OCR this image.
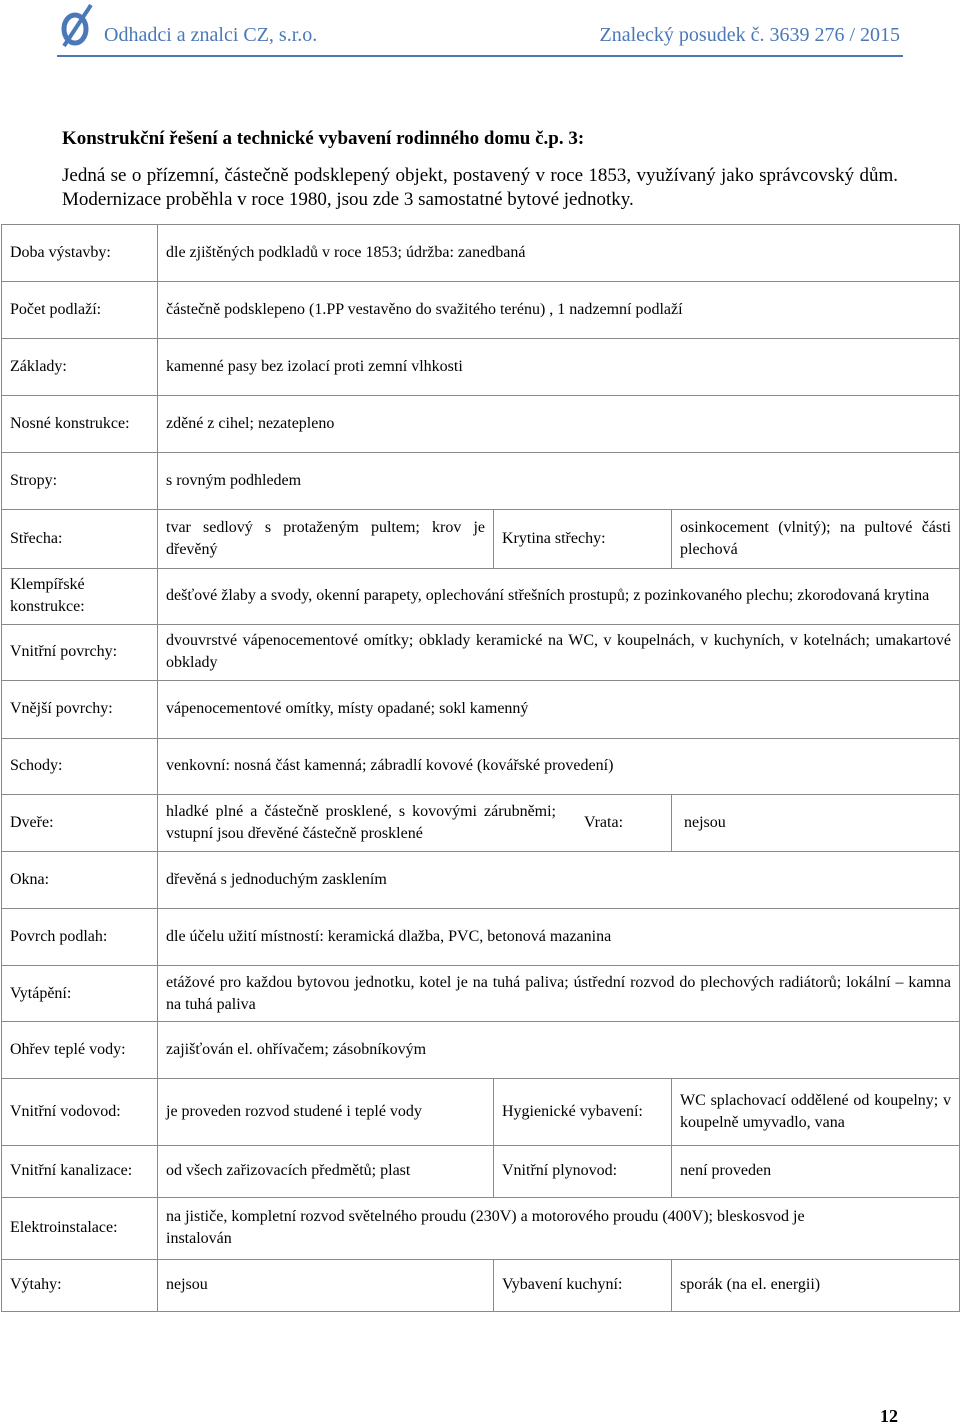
Odhadci a znalci CZ, s.r.o.	Znalecký posudek č. 3639 276 / 2015
Konstrukční řešení a technické vybavení rodinného domu č.p. 3:
Jedná se o přízemní, částečně podsklepený objekt, postavený v roce 1853, využívaný jako správcovský dům. Modernizace proběhla v roce 1980, jsou zde 3 samostatné bytové jednotky.
Doba výstavby:	dle zjištěných podkladů v roce 1853; údržba: zanedbaná		
Počet podlaží:	částečně podsklepeno (1.PP vestavěno do svažitého terénu) , 1 nadzemní podlaží		
Základy:	kamenné pasy bez izolací proti zemní vlhkosti		
Nosné konstrukce:	zděné z cihel; nezatepleno		
Stropy:	s rovným podhledem		
Střecha:	tvar sedlový s protaženým pultem; krov je dřevěný	Krytina střechy:	osinkocement (vlnitý); na pultové části plechová
Klempířské konstrukce:	dešťové žlaby a svody, okenní parapety, oplechování střešních prostupů; z pozinkovaného plechu; zkorodovaná krytina		
Vnitřní povrchy:	dvouvrstvé vápenocementové omítky; obklady keramické na WC, v koupelnách, v kuchyních, v kotelnách; umakartové obklady		
Vnější povrchy:	vápenocementové omítky, místy opadané; sokl kamenný		
Schody:	venkovní: nosná část kamenná; zábradlí kovové (kovářské provedení)		
Dveře:	hladké plné a částečně prosklené, s kovovými zárubněmi; vstupní jsou dřevěné částečně prosklené		Vrata: nejsou
Okna:	dřevěná s jednoduchým zasklením		
Povrch podlah:	dle účelu užití místností: keramická dlažba, PVC, betonová mazanina		
Vytápění:	etážové pro každou bytovou jednotku, kotel je na tuhá paliva; ústřední rozvod do plechových radiátorů; lokální – kamna na tuhá paliva		
Ohřev teplé vody:	zajišťován el. ohřívačem; zásobníkovým		
Vnitřní vodovod:	je proveden rozvod studené i teplé vody	Hygienické vybavení:	WC splachovací oddělené od koupelny; v koupelně umyvadlo, vana
Vnitřní kanalizace:	od všech zařizovacích předmětů; plast	Vnitřní plynovod:	není proveden
Elektroinstalace:	na jističe, kompletní rozvod světelného proudu (230V) a motorového proudu (400V); bleskosvod je instalován		
Výtahy:	nejsou	Vybavení kuchyní:	sporák (na el. energii)
12
